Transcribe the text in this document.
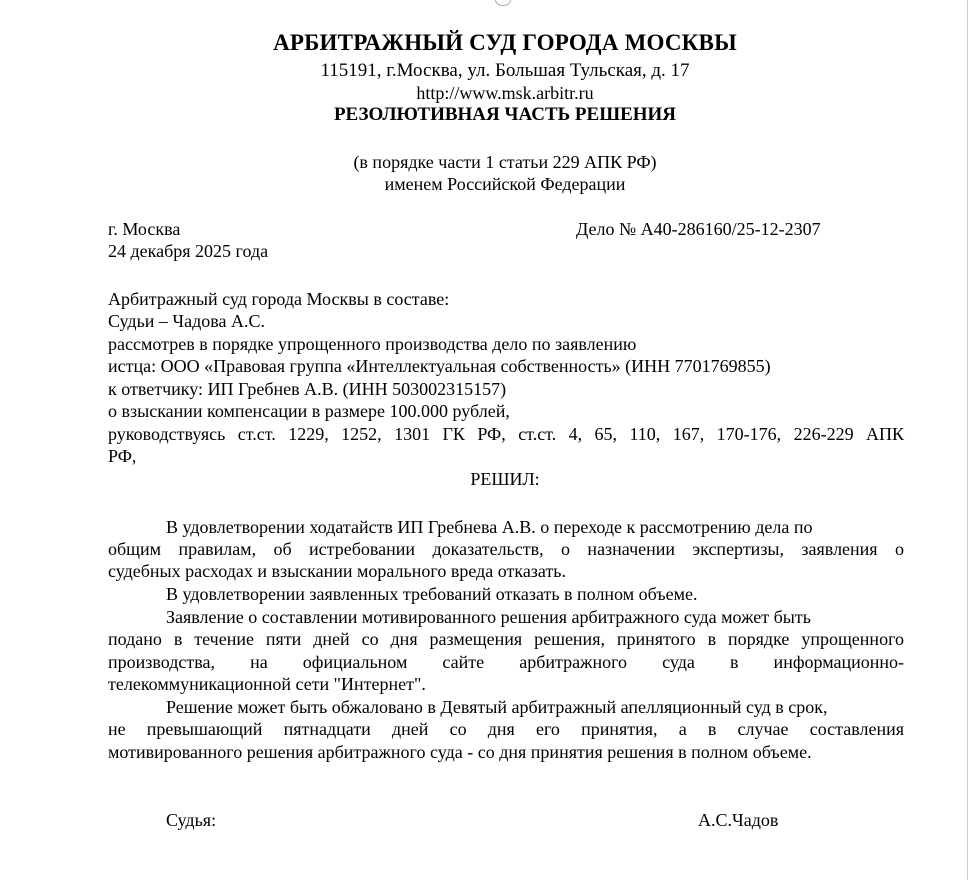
АРБИТРАЖНЫЙ СУД ГОРОДА МОСКВЫ
115191, г.Москва, ул. Большая Тульская, д. 17
http://www.msk.arbitr.ru
РЕЗОЛЮТИВНАЯ ЧАСТЬ РЕШЕНИЯ
(в порядке части 1 статьи 229 АПК РФ)
именем Российской Федерации
г. Москва	Дело № А40-286160/25-12-2307
24 декабря 2025 года
Арбитражный суд города Москвы в составе:
Судьи – Чадова А.С.
рассмотрев в порядке упрощенного производства дело по заявлению
истца: ООО «Правовая группа «Интеллектуальная собственность» (ИНН 7701769855)
к ответчику: ИП Гребнев А.В. (ИНН 503002315157)
о взыскании компенсации в размере 100.000 рублей,
руководствуясь ст.ст. 1229, 1252, 1301 ГК РФ, ст.ст. 4, 65, 110, 167, 170-176, 226-229 АПК
РФ,
РЕШИЛ:
В удовлетворении ходатайств ИП Гребнева А.В. о переходе к рассмотрению дела по
общим правилам, об истребовании доказательств, о назначении экспертизы, заявления о
судебных расходах и взыскании морального вреда отказать.
В удовлетворении заявленных требований отказать в полном объеме.
Заявление о составлении мотивированного решения арбитражного суда может быть
подано в течение пяти дней со дня размещения решения, принятого в порядке упрощенного
производства, на официальном сайте арбитражного суда в информационно-
телекоммуникационной сети "Интернет".
Решение может быть обжаловано в Девятый арбитражный апелляционный суд в срок,
не превышающий пятнадцати дней со дня его принятия, а в случае составления
мотивированного решения арбитражного суда - со дня принятия решения в полном объеме.
Судья:	А.С.Чадов
